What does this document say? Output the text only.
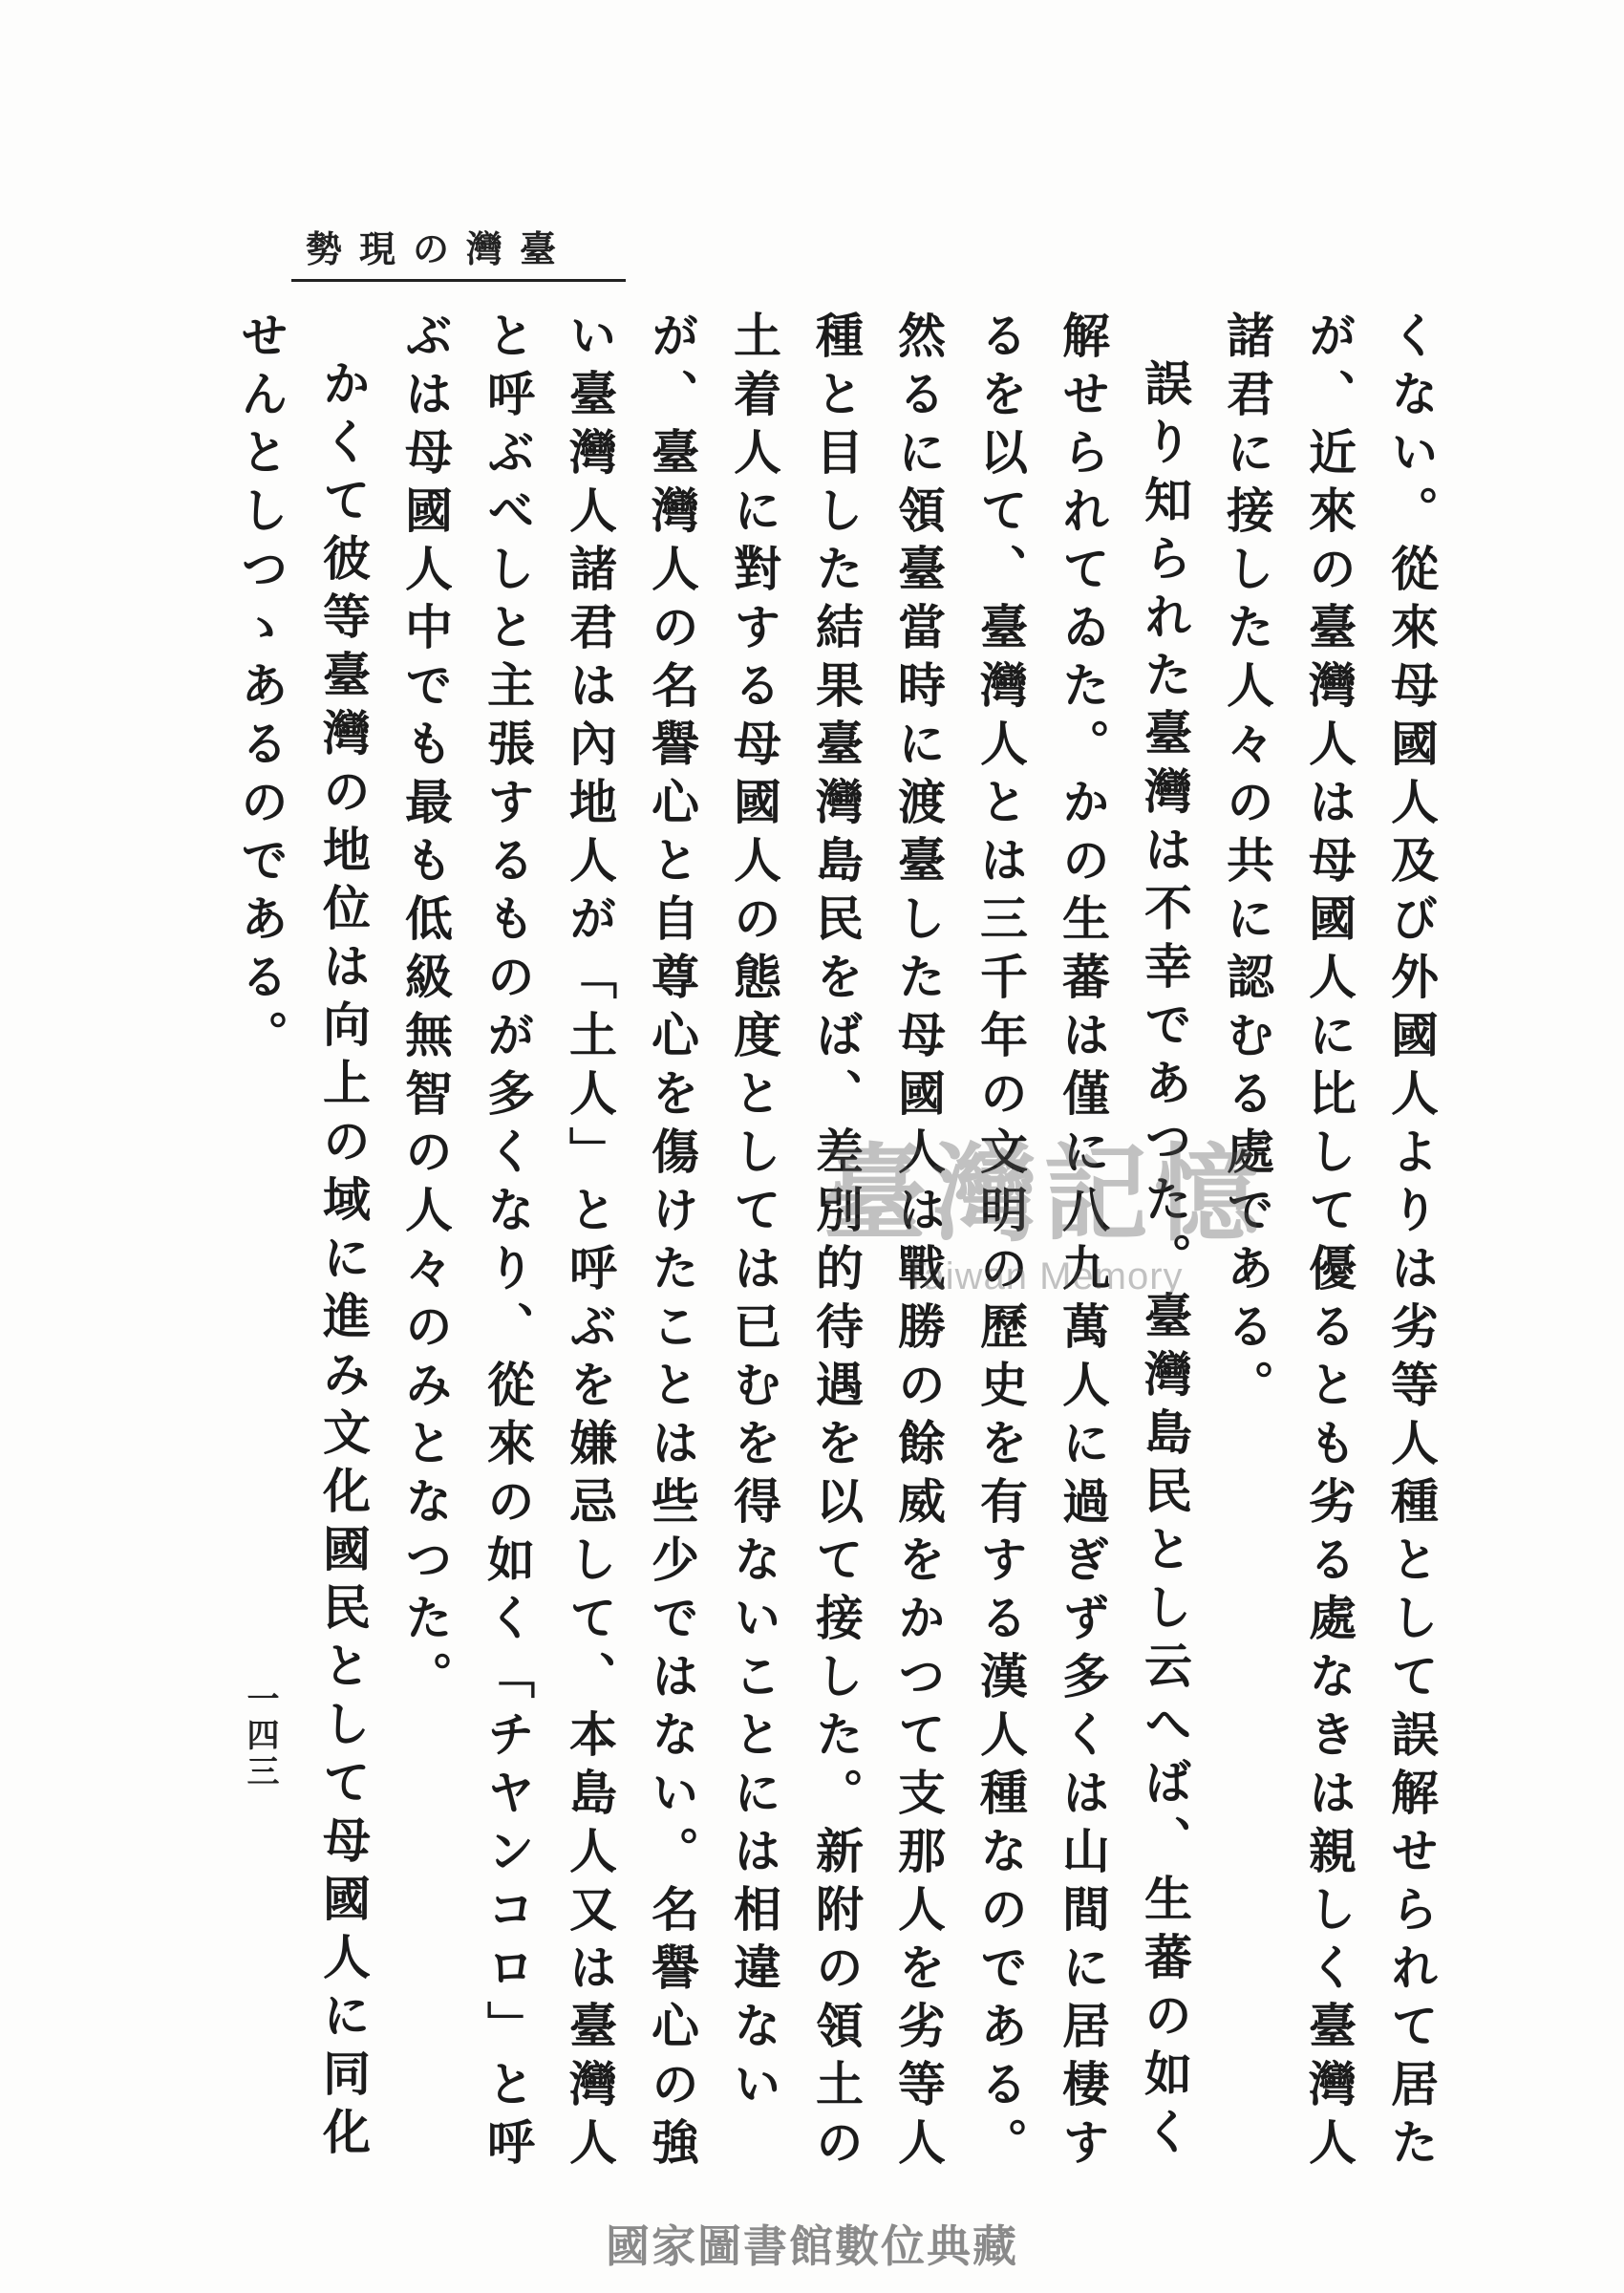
勢現の灣臺

くない。從來母國人及び外國人よりは劣等人種として誤解せられて居たが、近來の臺灣人は母國人に比して優るとも劣る處なきは親しく臺灣人諸君に接した人々の共に認むる處である。

誤り知られた臺灣は不幸であつた。臺灣島民とし云へば、生蕃の如く解せられてゐた。かの生蕃は僅に八九萬人に過ぎず多くは山間に居棲するを以て、臺灣人とは三千年の文明の歷史を有する漢人種なのである。然るに領臺當時に渡臺した母國人は戰勝の餘威をかつて支那人を劣等人種と目した結果臺灣島民をば、差別的待遇を以て接した。新附の領土の土着人に對する母國人の態度としては已むを得ないことには相違ないが、臺灣人の名譽心と自尊心を傷けたことは些少ではない。名譽心の強い臺灣人諸君は內地人が「土人」と呼ぶを嫌忌して、本島人又は臺灣人と呼ぶべしと主張するものが多くなり、從來の如く「チヤンコロ」と呼ぶは母國人中でも最も低級無智の人々のみとなつた。

かくて彼等臺灣の地位は向上の域に進み文化國民として母國人に同化せんとしつゝあるのである。

一四三
臺灣記憶
Taiwan Memory
國家圖書館數位典藏
